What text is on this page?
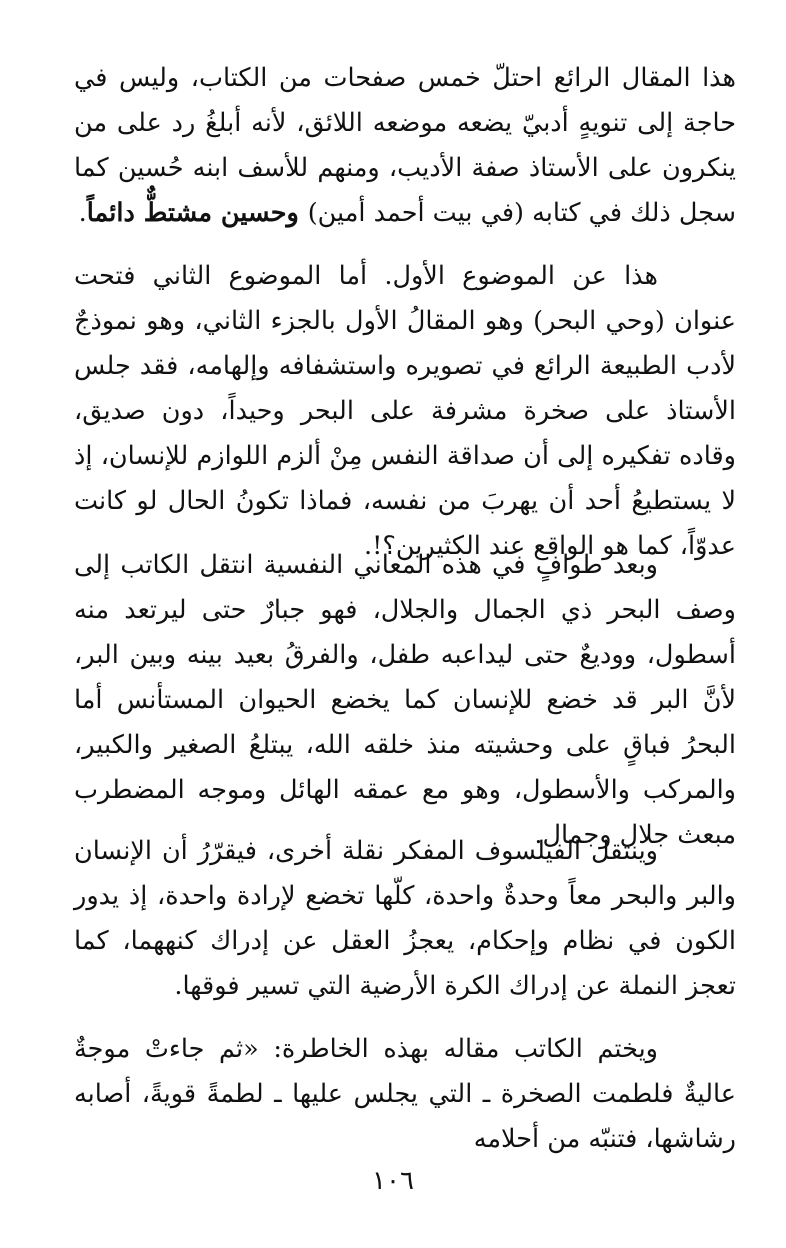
هذا المقال الرائع احتلّ خمس صفحات من الكتاب، وليس في حاجة إلى تنويهٍ أدبيّ يضعه موضعه اللائق، لأنه أبلغُ رد على من ينكرون على الأستاذ صفة الأديب، ومنهم للأسف ابنه حُسين كما سجل ذلك في كتابه (في بيت أحمد أمين) وحسين مشتطٌّ دائماً.

هذا عن الموضوع الأول. أما الموضوع الثاني فتحت عنوان (وحي البحر) وهو المقالُ الأول بالجزء الثاني، وهو نموذجٌ لأدب الطبيعة الرائع في تصويره واستشفافه وإلهامه، فقد جلس الأستاذ على صخرة مشرفة على البحر وحيداً، دون صديق، وقاده تفكيره إلى أن صداقة النفس مِنْ ألزم اللوازم للإنسان، إذ لا يستطيعُ أحد أن يهربَ من نفسه، فماذا تكونُ الحال لو كانت عدوّاً، كما هو الواقع عند الكثيرين؟!.

وبعد طوافٍ في هذه المعاني النفسية انتقل الكاتب إلى وصف البحر ذي الجمال والجلال، فهو جبارٌ حتى ليرتعد منه أسطول، ووديعٌ حتى ليداعبه طفل، والفرقُ بعيد بينه وبين البر، لأنَّ البر قد خضع للإنسان كما يخضع الحيوان المستأنس أما البحرُ فباقٍ على وحشيته منذ خلقه الله، يبتلعُ الصغير والكبير، والمركب والأسطول، وهو مع عمقه الهائل وموجه المضطرب مبعث جلال وجمال.

وينتقل الفيلسوف المفكر نقلة أخرى، فيقرّرُ أن الإنسان والبر والبحر معاً وحدةٌ واحدة، كلّها تخضع لإرادة واحدة، إذ يدور الكون في نظام وإحكام، يعجزُ العقل عن إدراك كنههما، كما تعجز النملة عن إدراك الكرة الأرضية التي تسير فوقها.

ويختم الكاتب مقاله بهذه الخاطرة: «ثم جاءتْ موجةٌ عاليةٌ فلطمت الصخرة ـ التي يجلس عليها ـ لطمةً قويةً، أصابه رشاشها، فتنبّه من أحلامه

١٠٦
